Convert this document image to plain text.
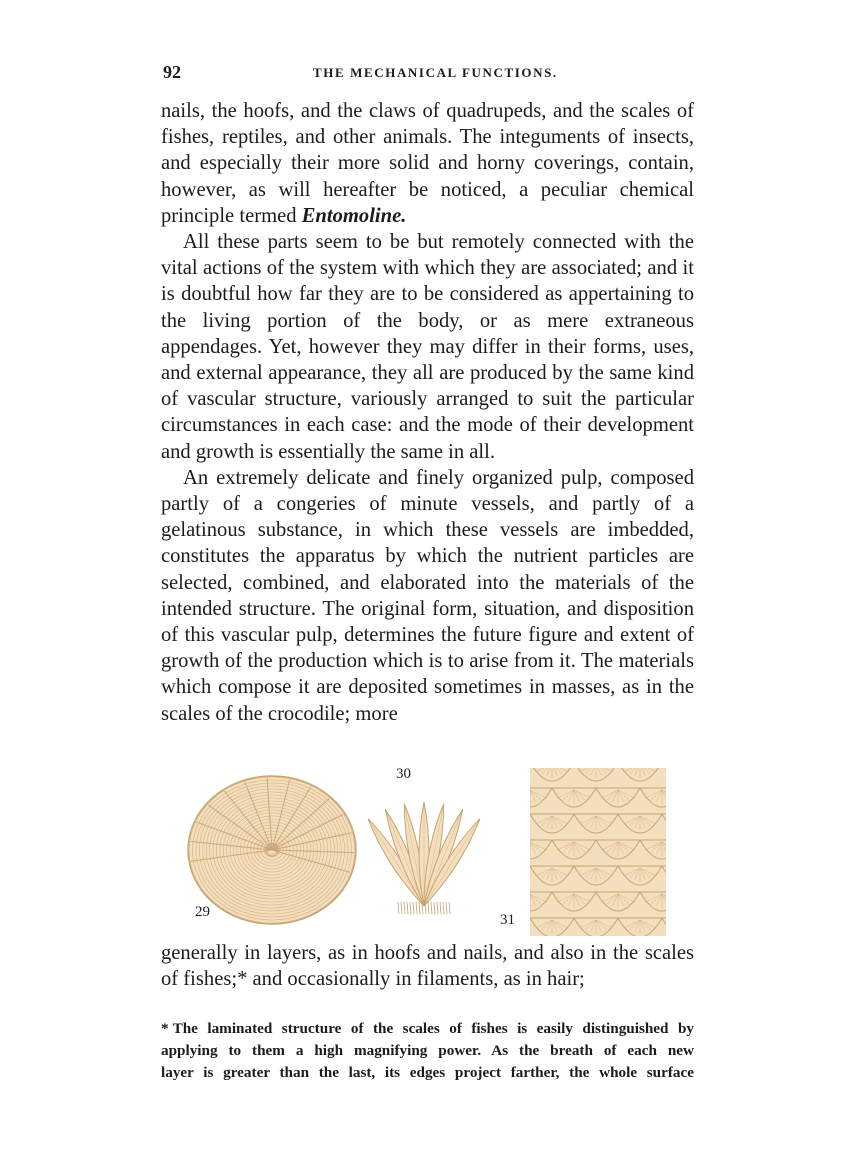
92	THE MECHANICAL FUNCTIONS.

nails, the hoofs, and the claws of quadrupeds, and the scales of fishes, reptiles, and other animals. The integuments of insects, and especially their more solid and horny coverings, contain, however, as will hereafter be noticed, a peculiar chemical principle termed Entomoline.

All these parts seem to be but remotely connected with the vital actions of the system with which they are associated; and it is doubtful how far they are to be considered as appertaining to the living portion of the body, or as mere extraneous appendages. Yet, however they may differ in their forms, uses, and external appearance, they all are produced by the same kind of vascular structure, variously arranged to suit the particular circumstances in each case: and the mode of their development and growth is essentially the same in all.

An extremely delicate and finely organized pulp, composed partly of a congeries of minute vessels, and partly of a gelatinous substance, in which these vessels are imbedded, constitutes the apparatus by which the nutrient particles are selected, combined, and elaborated into the materials of the intended structure. The original form, situation, and disposition of this vascular pulp, determines the future figure and extent of growth of the production which is to arise from it. The materials which compose it are deposited sometimes in masses, as in the scales of the crocodile; more

29
30
31

generally in layers, as in hoofs and nails, and also in the scales of fishes;* and occasionally in filaments, as in hair;

* The laminated structure of the scales of fishes is easily distinguished by
applying to them a high magnifying power. As the breath of each new
layer is greater than the last, its edges project farther, the whole surface
